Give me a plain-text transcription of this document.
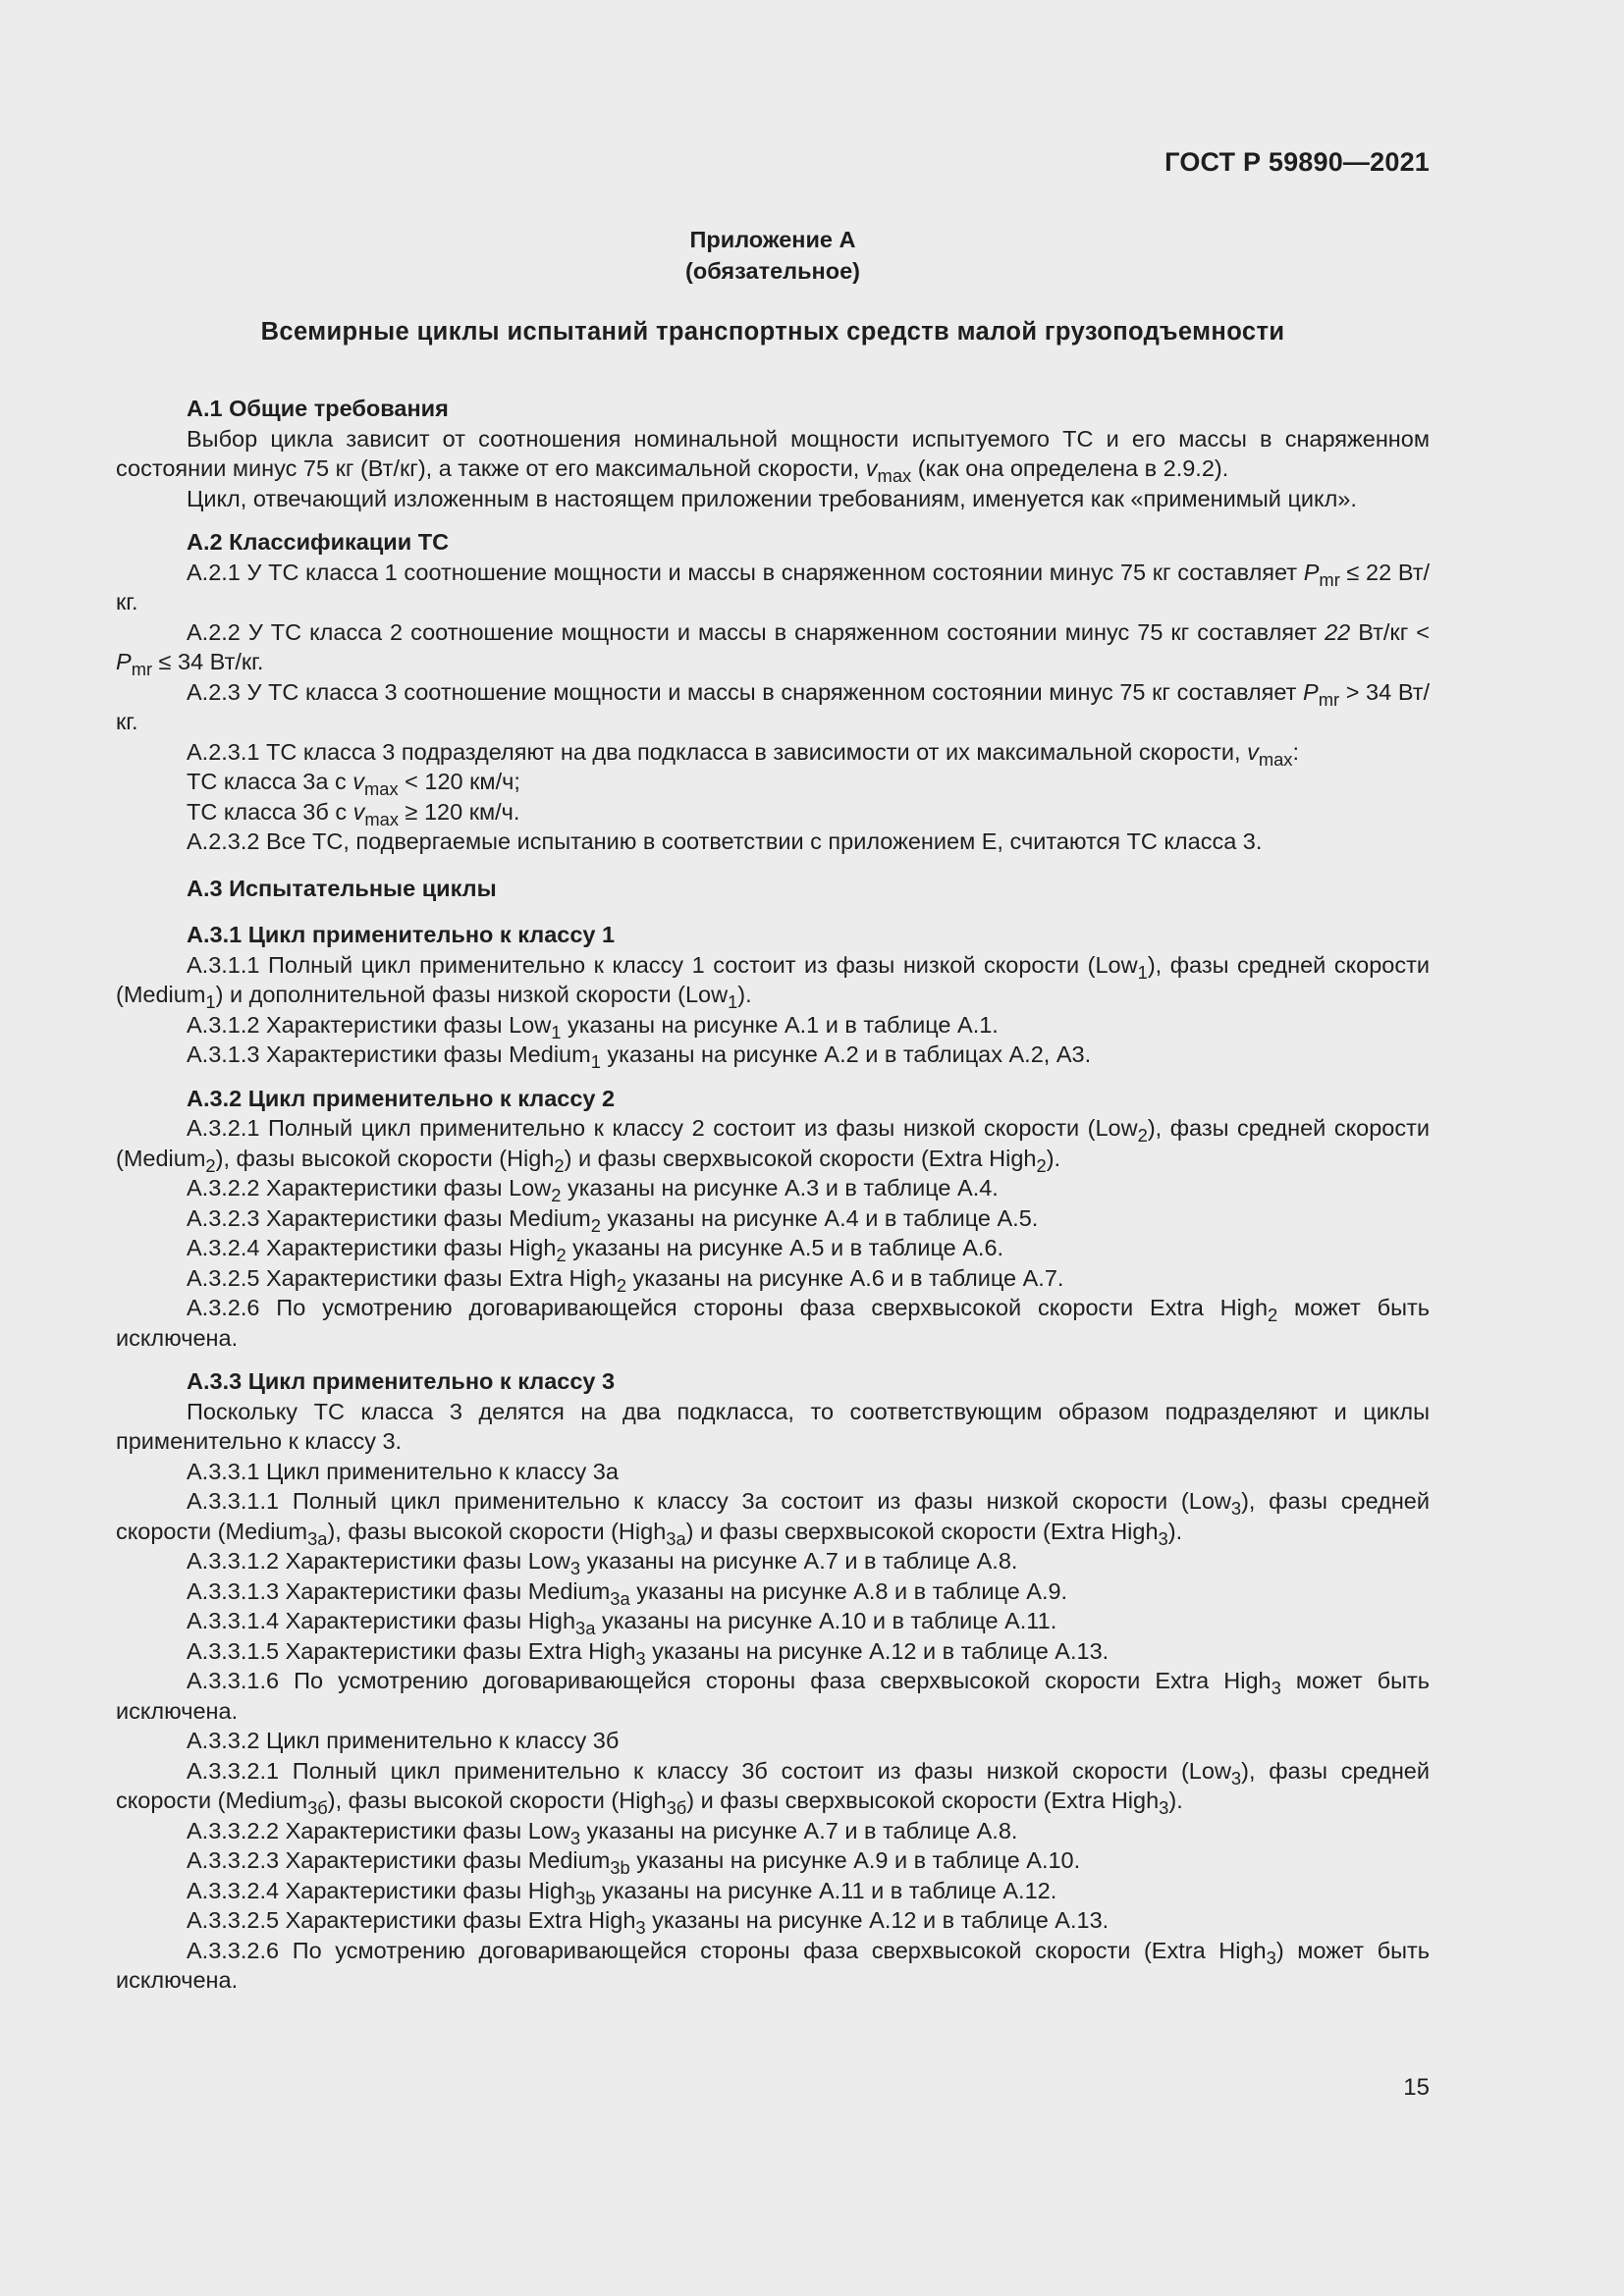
ГОСТ Р 59890—2021
Приложение А
(обязательное)
Всемирные циклы испытаний транспортных средств малой грузоподъемности

А.1 Общие требования

Выбор цикла зависит от соотношения номинальной мощности испытуемого ТС и его массы в снаряженном состоянии минус 75 кг (Вт/кг), а также от его максимальной скорости, $v_{max}$ (как она определена в 2.9.2).

Цикл, отвечающий изложенным в настоящем приложении требованиям, именуется как «применимый цикл».

А.2 Классификации ТС

А.2.1 У ТС класса 1 соотношение мощности и массы в снаряженном состоянии минус 75 кг составляет $P_{mr} \le 22$ Вт/кг.

А.2.2 У ТС класса 2 соотношение мощности и массы в снаряженном состоянии минус 75 кг составляет 22 $Вт/кг < P_{mr} \le 34$ Вт/кг.

А.2.3 У ТС класса 3 соотношение мощности и массы в снаряженном состоянии минус 75 кг составляет $P_{mr} > 34$ Вт/кг.

А.2.3.1 ТС класса 3 подразделяют на два подкласса в зависимости от их максимальной скорости, $v_{max}$:

ТС класса 3а с $v_{max} < 120$ км/ч;

ТС класса 3б с $v_{max} \ge 120$ км/ч.

А.2.3.2 Все ТС, подвергаемые испытанию в соответствии с приложением Е, считаются ТС класса 3.

А.3 Испытательные циклы

А.3.1 Цикл применительно к классу 1

А.3.1.1 Полный цикл применительно к классу 1 состоит из фазы низкой скорости (Low$_1$), фазы средней скорости (Medium$_1$) и дополнительной фазы низкой скорости (Low$_1$).

А.3.1.2 Характеристики фазы Low$_1$ указаны на рисунке А.1 и в таблице А.1.

А.3.1.3 Характеристики фазы Medium$_1$ указаны на рисунке А.2 и в таблицах А.2, А3.

А.3.2 Цикл применительно к классу 2

А.3.2.1 Полный цикл применительно к классу 2 состоит из фазы низкой скорости (Low$_2$), фазы средней скорости (Medium$_2$), фазы высокой скорости (High$_2$) и фазы сверхвысокой скорости (Extra High$_2$).

А.3.2.2 Характеристики фазы Low$_2$ указаны на рисунке А.3 и в таблице А.4.

А.3.2.3 Характеристики фазы Medium$_2$ указаны на рисунке А.4 и в таблице А.5.

А.3.2.4 Характеристики фазы High$_2$ указаны на рисунке А.5 и в таблице А.6.

А.3.2.5 Характеристики фазы Extra High$_2$ указаны на рисунке А.6 и в таблице А.7.

А.3.2.6 По усмотрению договаривающейся стороны фаза сверхвысокой скорости Extra High$_2$ может быть исключена.

А.3.3 Цикл применительно к классу 3

Поскольку ТС класса 3 делятся на два подкласса, то соответствующим образом подразделяют и циклы применительно к классу 3.

А.3.3.1 Цикл применительно к классу 3а

А.3.3.1.1 Полный цикл применительно к классу 3а состоит из фазы низкой скорости (Low$_3$), фазы средней скорости (Medium$_{3a}$), фазы высокой скорости (High$_{3a}$) и фазы сверхвысокой скорости (Extra High$_3$).

А.3.3.1.2 Характеристики фазы Low$_3$ указаны на рисунке А.7 и в таблице А.8.

А.3.3.1.3 Характеристики фазы Medium$_{3a}$ указаны на рисунке А.8 и в таблице А.9.

А.3.3.1.4 Характеристики фазы High$_{3a}$ указаны на рисунке А.10 и в таблице А.11.

А.3.3.1.5 Характеристики фазы Extra High$_3$ указаны на рисунке А.12 и в таблице А.13.

А.3.3.1.6 По усмотрению договаривающейся стороны фаза сверхвысокой скорости Extra High$_3$ может быть исключена.

А.3.3.2 Цикл применительно к классу 3б

А.3.3.2.1 Полный цикл применительно к классу 3б состоит из фазы низкой скорости (Low$_3$), фазы средней скорости (Medium$_{3б}$), фазы высокой скорости (High$_{3б}$) и фазы сверхвысокой скорости (Extra High$_3$).

А.3.3.2.2 Характеристики фазы Low$_3$ указаны на рисунке А.7 и в таблице А.8.

А.3.3.2.3 Характеристики фазы Medium$_{3b}$ указаны на рисунке А.9 и в таблице А.10.

А.3.3.2.4 Характеристики фазы High$_{3b}$ указаны на рисунке А.11 и в таблице А.12.

А.3.3.2.5 Характеристики фазы Extra High$_3$ указаны на рисунке А.12 и в таблице А.13.

А.3.3.2.6 По усмотрению договаривающейся стороны фаза сверхвысокой скорости (Extra High$_3$) может быть исключена.

15
